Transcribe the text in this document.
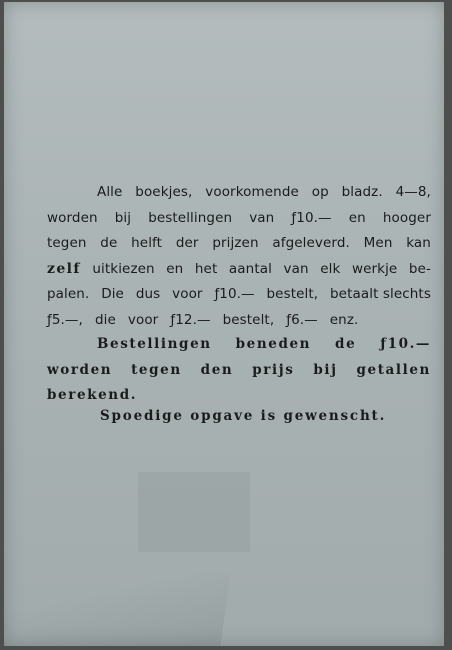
Alle boekjes, voorkomende op bladz. 4—8,
worden bij bestellingen van ƒ10.— en hooger
tegen de helft der prijzen afgeleverd. Men kan
zelf uitkiezen en het aantal van elk werkje be-
palen. Die dus voor ƒ10.— bestelt, betaalt slechts
ƒ5.—, die voor ƒ12.— bestelt, ƒ6.— enz.
Bestellingen beneden de ƒ10.—
worden tegen den prijs bij getallen
berekend.
Spoedige opgave is gewenscht.
